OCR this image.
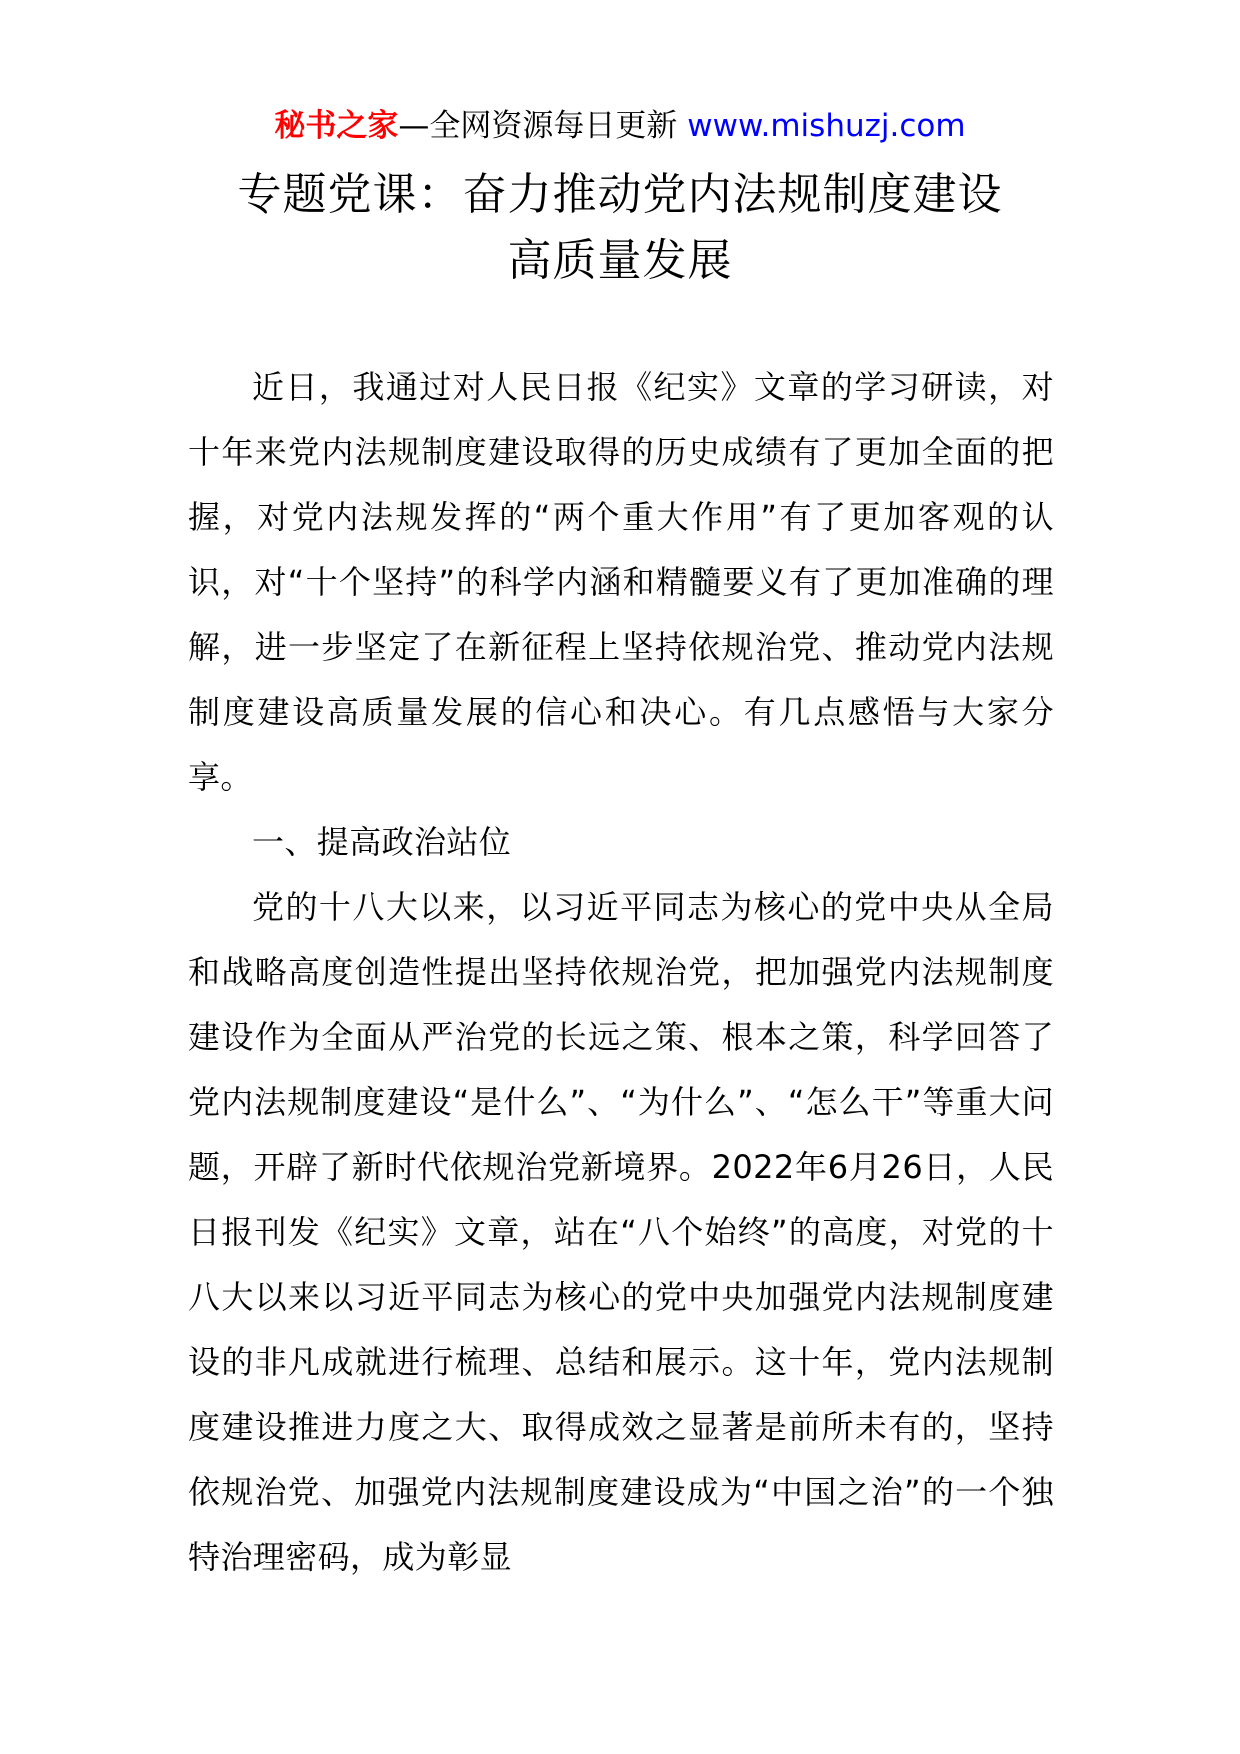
秘书之家—全网资源每日更新 www.mishuzj.com
专题党课：奋力推动党内法规制度建设
高质量发展

近日，我通过对人民日报《纪实》文章的学习研读，对十年来党内法规制度建设取得的历史成绩有了更加全面的把握，对党内法规发挥的“两个重大作用”有了更加客观的认识，对“十个坚持”的科学内涵和精髓要义有了更加准确的理解，进一步坚定了在新征程上坚持依规治党、推动党内法规制度建设高质量发展的信心和决心。有几点感悟与大家分享。

一、提高政治站位

党的十八大以来，以习近平同志为核心的党中央从全局和战略高度创造性提出坚持依规治党，把加强党内法规制度建设作为全面从严治党的长远之策、根本之策，科学回答了党内法规制度建设“是什么”、“为什么”、“怎么干”等重大问题，开辟了新时代依规治党新境界。2022年6月26日，人民日报刊发《纪实》文章，站在“八个始终”的高度，对党的十八大以来以习近平同志为核心的党中央加强党内法规制度建设的非凡成就进行梳理、总结和展示。这十年，党内法规制度建设推进力度之大、取得成效之显著是前所未有的，坚持依规治党、加强党内法规制度建设成为“中国之治”的一个独特治理密码，成为彰显
